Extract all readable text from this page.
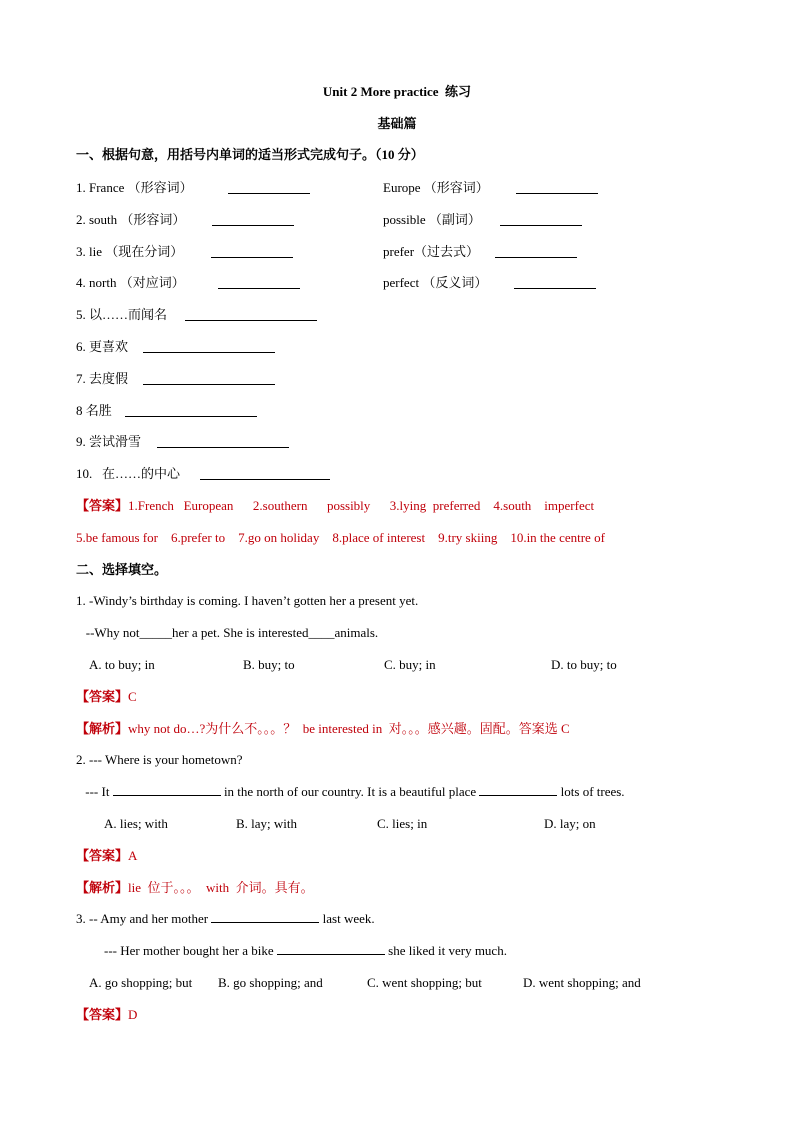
Unit 2 More practice  练习
基础篇
一、根据句意，用括号内单词的适当形式完成句子。（10 分）
1. France （形容词）	Europe （形容词）
2. south （形容词）	possible （副词）
3. lie （现在分词）	prefer（过去式）
4. north （对应词）	perfect （反义词）
5. 以……而闻名
6. 更喜欢
7. 去度假
8 名胜
9. 尝试滑雪
10.   在……的中心
【答案】1.French   European      2.southern      possibly      3.lying  preferred    4.south    imperfect
5.be famous for    6.prefer to    7.go on holiday    8.place of interest    9.try skiing    10.in the centre of
二、选择填空。
1. -Windy’s birthday is coming. I haven’t gotten her a present yet.
--Why not_____her a pet. She is interested____animals.
A. to buy; in	B. buy; to	C. buy; in	D. to buy; to
【答案】C
【解析】why not do…?为什么不。。。？  be interested in  对。。。感兴趣。固配。答案选 C
2. --- Where is your hometown?
--- It	in the north of our country. It is a beautiful place	lots of trees.
A. lies; with	B. lay; with	C. lies; in	D. lay; on
【答案】A
【解析】lie  位于。。。  with  介词。具有。
3. -- Amy and her mother	last week.
--- Her mother bought her a bike	she liked it very much.
A. go shopping; but B. go shopping; and	C. went shopping; but	D. went shopping; and
【答案】D
